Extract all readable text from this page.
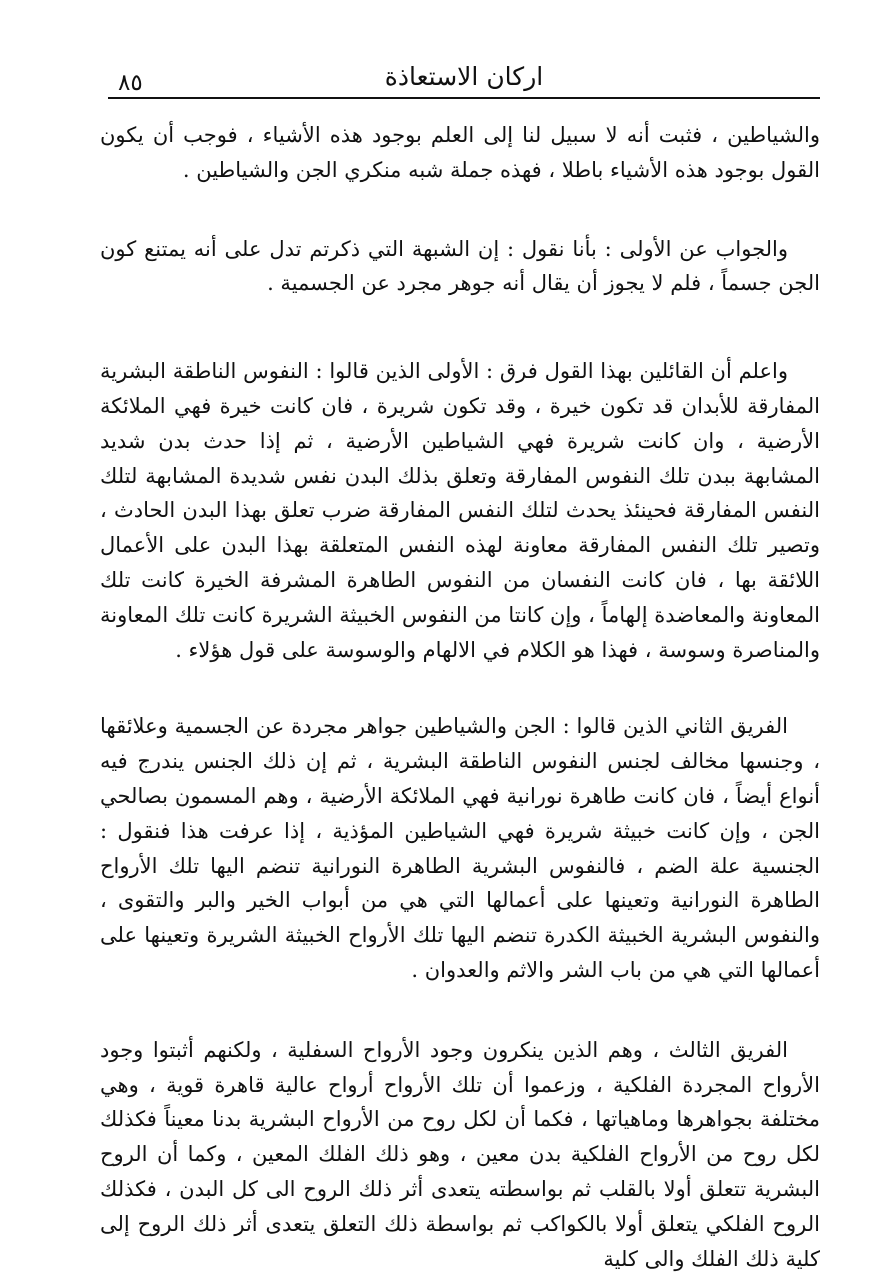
٨٥	اركان الاستعاذة

والشياطين ، فثبت أنه لا سبيل لنا إلى العلم بوجود هذه الأشياء ، فوجب أن يكون القول بوجود هذه الأشياء باطلا ، فهذه جملة شبه منكري الجن والشياطين .

والجواب عن الأولى : بأنا نقول : إن الشبهة التي ذكرتم تدل على أنه يمتنع كون الجن جسماً ، فلم لا يجوز أن يقال أنه جوهر مجرد عن الجسمية .

واعلم أن القائلين بهذا القول فرق : الأولى الذين قالوا : النفوس الناطقة البشرية المفارقة للأبدان قد تكون خيرة ، وقد تكون شريرة ، فان كانت خيرة فهي الملائكة الأرضية ، وان كانت شريرة فهي الشياطين الأرضية ، ثم إذا حدث بدن شديد المشابهة ببدن تلك النفوس المفارقة وتعلق بذلك البدن نفس شديدة المشابهة لتلك النفس المفارقة فحينئذ يحدث لتلك النفس المفارقة ضرب تعلق بهذا البدن الحادث ، وتصير تلك النفس المفارقة معاونة لهذه النفس المتعلقة بهذا البدن على الأعمال اللائقة بها ، فان كانت النفسان من النفوس الطاهرة المشرفة الخيرة كانت تلك المعاونة والمعاضدة إلهاماً ، وإن كانتا من النفوس الخبيثة الشريرة كانت تلك المعاونة والمناصرة وسوسة ، فهذا هو الكلام في الالهام والوسوسة على قول هؤلاء .

الفريق الثاني الذين قالوا : الجن والشياطين جواهر مجردة عن الجسمية وعلائقها ، وجنسها مخالف لجنس النفوس الناطقة البشرية ، ثم إن ذلك الجنس يندرج فيه أنواع أيضاً ، فان كانت طاهرة نورانية فهي الملائكة الأرضية ، وهم المسمون بصالحي الجن ، وإن كانت خبيثة شريرة فهي الشياطين المؤذية ، إذا عرفت هذا فنقول : الجنسية علة الضم ، فالنفوس البشرية الطاهرة النورانية تنضم اليها تلك الأرواح الطاهرة النورانية وتعينها على أعمالها التي هي من أبواب الخير والبر والتقوى ، والنفوس البشرية الخبيثة الكدرة تنضم اليها تلك الأرواح الخبيثة الشريرة وتعينها على أعمالها التي هي من باب الشر والاثم والعدوان .

الفريق الثالث ، وهم الذين ينكرون وجود الأرواح السفلية ، ولكنهم أثبتوا وجود الأرواح المجردة الفلكية ، وزعموا أن تلك الأرواح أرواح عالية قاهرة قوية ، وهي مختلفة بجواهرها وماهياتها ، فكما أن لكل روح من الأرواح البشرية بدنا معيناً فكذلك لكل روح من الأرواح الفلكية بدن معين ، وهو ذلك الفلك المعين ، وكما أن الروح البشرية تتعلق أولا بالقلب ثم بواسطته يتعدى أثر ذلك الروح الى كل البدن ، فكذلك الروح الفلكي يتعلق أولا بالكواكب ثم بواسطة ذلك التعلق يتعدى أثر ذلك الروح إلى كلية ذلك الفلك والى كلية
